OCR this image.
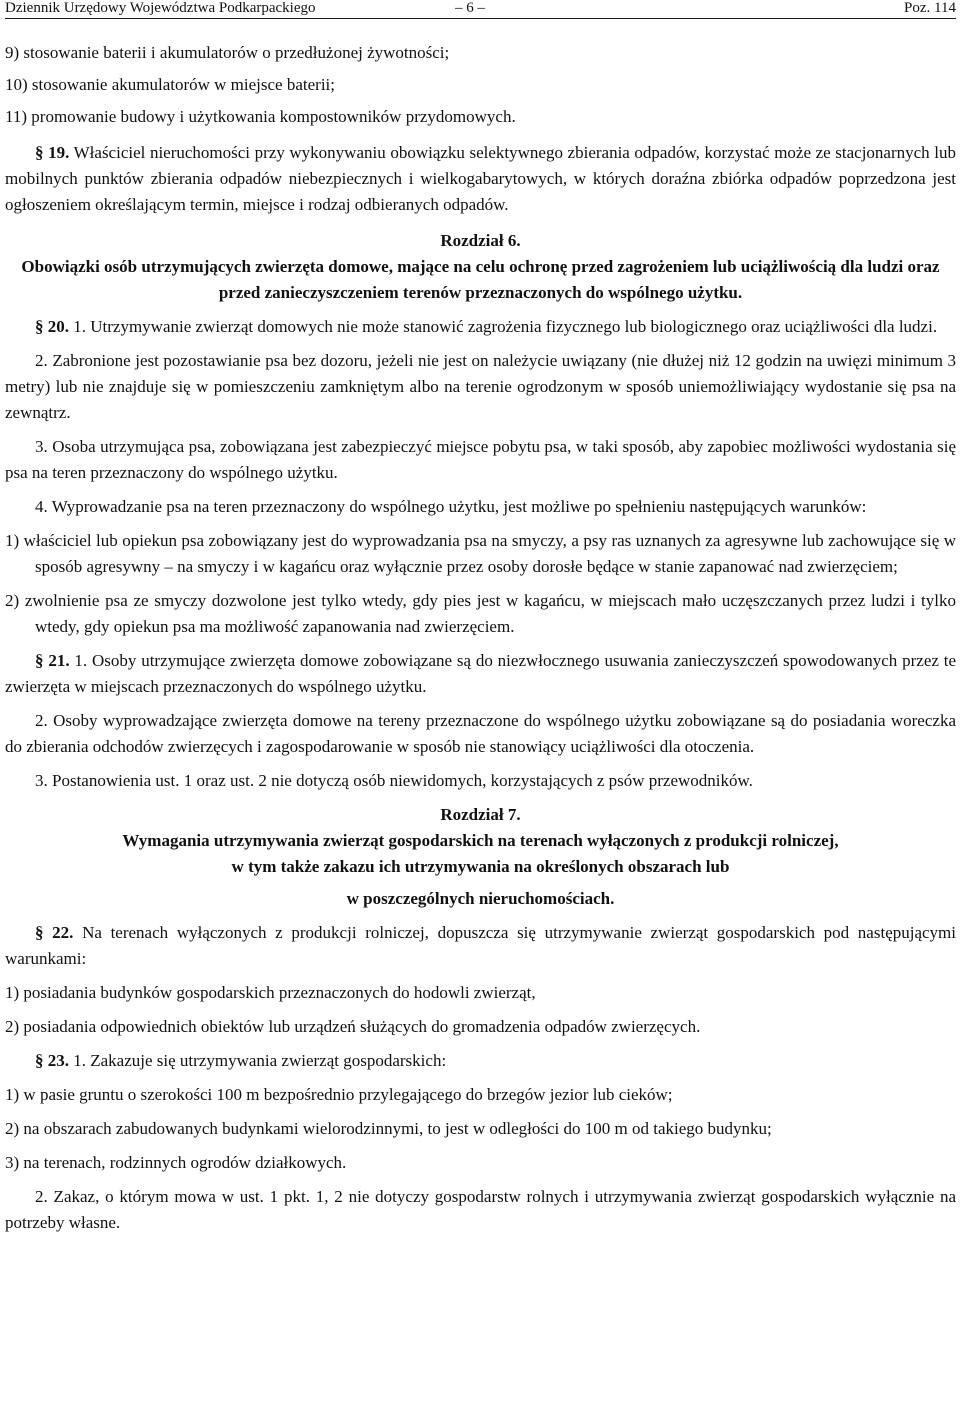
Dziennik Urzędowy Województwa Podkarpackiego	– 6 –	Poz. 114

9) stosowanie baterii i akumulatorów o przedłużonej żywotności;

10) stosowanie akumulatorów w miejsce baterii;

11) promowanie budowy i użytkowania kompostowników przydomowych.

§ 19. Właściciel nieruchomości przy wykonywaniu obowiązku selektywnego zbierania odpadów, korzystać może ze stacjonarnych lub mobilnych punktów zbierania odpadów niebezpiecznych i wielkogabarytowych, w których doraźna zbiórka odpadów poprzedzona jest ogłoszeniem określającym termin, miejsce i rodzaj odbieranych odpadów.

Rozdział 6.

Obowiązki osób utrzymujących zwierzęta domowe, mające na celu ochronę przed zagrożeniem lub uciążliwością dla ludzi oraz przed zanieczyszczeniem terenów przeznaczonych do wspólnego użytku.

§ 20. 1. Utrzymywanie zwierząt domowych nie może stanowić zagrożenia fizycznego lub biologicznego oraz uciążliwości dla ludzi.

2. Zabronione jest pozostawianie psa bez dozoru, jeżeli nie jest on należycie uwiązany (nie dłużej niż 12 godzin na uwięzi minimum 3 metry) lub nie znajduje się w pomieszczeniu zamkniętym albo na terenie ogrodzonym w sposób uniemożliwiający wydostanie się psa na zewnątrz.

3. Osoba utrzymująca psa, zobowiązana jest zabezpieczyć miejsce pobytu psa, w taki sposób, aby zapobiec możliwości wydostania się psa na teren przeznaczony do wspólnego użytku.

4. Wyprowadzanie psa na teren przeznaczony do wspólnego użytku, jest możliwe po spełnieniu następujących warunków:

1) właściciel lub opiekun psa zobowiązany jest do wyprowadzania psa na smyczy, a psy ras uznanych za agresywne lub zachowujące się w sposób agresywny – na smyczy i w kagańcu oraz wyłącznie przez osoby dorosłe będące w stanie zapanować nad zwierzęciem;

2) zwolnienie psa ze smyczy dozwolone jest tylko wtedy, gdy pies jest w kagańcu, w miejscach mało uczęszczanych przez ludzi i tylko wtedy, gdy opiekun psa ma możliwość zapanowania nad zwierzęciem.

§ 21. 1. Osoby utrzymujące zwierzęta domowe zobowiązane są do niezwłocznego usuwania zanieczyszczeń spowodowanych przez te zwierzęta w miejscach przeznaczonych do wspólnego użytku.

2. Osoby wyprowadzające zwierzęta domowe na tereny przeznaczone do wspólnego użytku zobowiązane są do posiadania woreczka do zbierania odchodów zwierzęcych i zagospodarowanie w sposób nie stanowiący uciążliwości dla otoczenia.

3. Postanowienia ust. 1 oraz ust. 2 nie dotyczą osób niewidomych, korzystających z psów przewodników.

Rozdział 7.

Wymagania utrzymywania zwierząt gospodarskich na terenach wyłączonych z produkcji rolniczej,

w tym także zakazu ich utrzymywania na określonych obszarach lub

w poszczególnych nieruchomościach.

§ 22. Na terenach wyłączonych z produkcji rolniczej, dopuszcza się utrzymywanie zwierząt gospodarskich pod następującymi warunkami:

1) posiadania budynków gospodarskich przeznaczonych do hodowli zwierząt,

2) posiadania odpowiednich obiektów lub urządzeń służących do gromadzenia odpadów zwierzęcych.

§ 23. 1. Zakazuje się utrzymywania zwierząt gospodarskich:

1) w pasie gruntu o szerokości 100 m bezpośrednio przylegającego do brzegów jezior lub cieków;

2) na obszarach zabudowanych budynkami wielorodzinnymi, to jest w odległości do 100 m od takiego budynku;

3) na terenach, rodzinnych ogrodów działkowych.

2. Zakaz, o którym mowa w ust. 1 pkt. 1, 2 nie dotyczy gospodarstw rolnych i utrzymywania zwierząt gospodarskich wyłącznie na potrzeby własne.
